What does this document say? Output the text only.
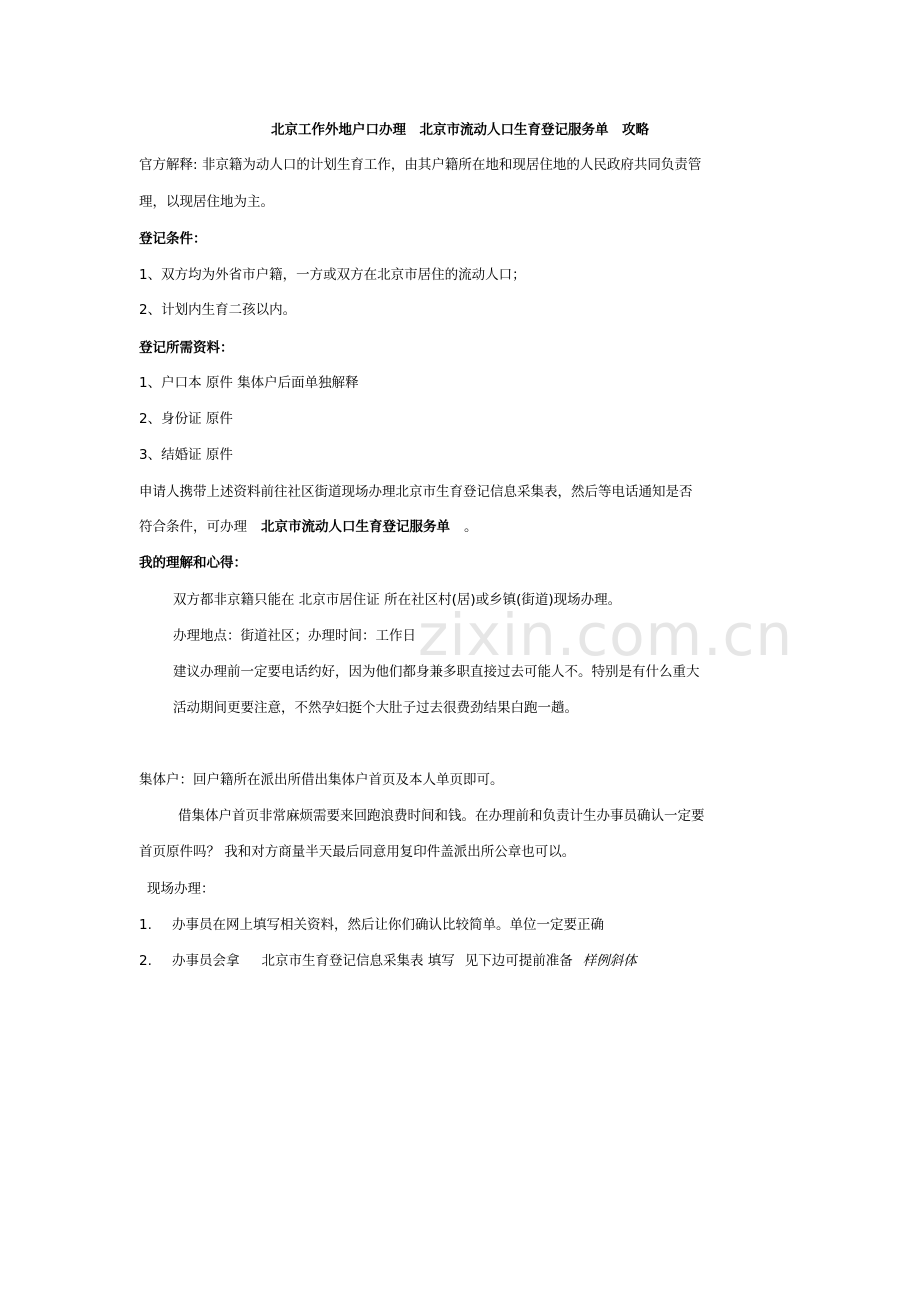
zixin.com.cn

北京工作外地户口办理　北京市流动人口生育登记服务单　攻略

官方解释: 非京籍为动人口的计划生育工作，由其户籍所在地和现居住地的人民政府共同负责管

理，以现居住地为主。

登记条件：

1、双方均为外省市户籍，一方或双方在北京市居住的流动人口；

2、计划内生育二孩以内。

登记所需资料：

1、户口本 原件 集体户后面单独解释

2、身份证 原件

3、结婚证 原件

申请人携带上述资料前往社区街道现场办理北京市生育登记信息采集表，然后等电话通知是否

符合条件，可办理 北京市流动人口生育登记服务单 。

我的理解和心得：

双方都非京籍只能在 北京市居住证 所在社区村(居)或乡镇(街道)现场办理。

办理地点：街道社区；办理时间：工作日

建议办理前一定要电话约好，因为他们都身兼多职直接过去可能人不。特别是有什么重大

活动期间更要注意，不然孕妇挺个大肚子过去很费劲结果白跑一趟。

集体户：回户籍所在派出所借出集体户首页及本人单页即可。

借集体户首页非常麻烦需要来回跑浪费时间和钱。在办理前和负责计生办事员确认一定要

首页原件吗？ 我和对方商量半天最后同意用复印件盖派出所公章也可以。

现场办理：

1. 办事员在网上填写相关资料，然后让你们确认比较简单。单位一定要正确

2. 办事员会拿 北京市生育登记信息采集表 填写 见下边可提前准备 样例斜体
